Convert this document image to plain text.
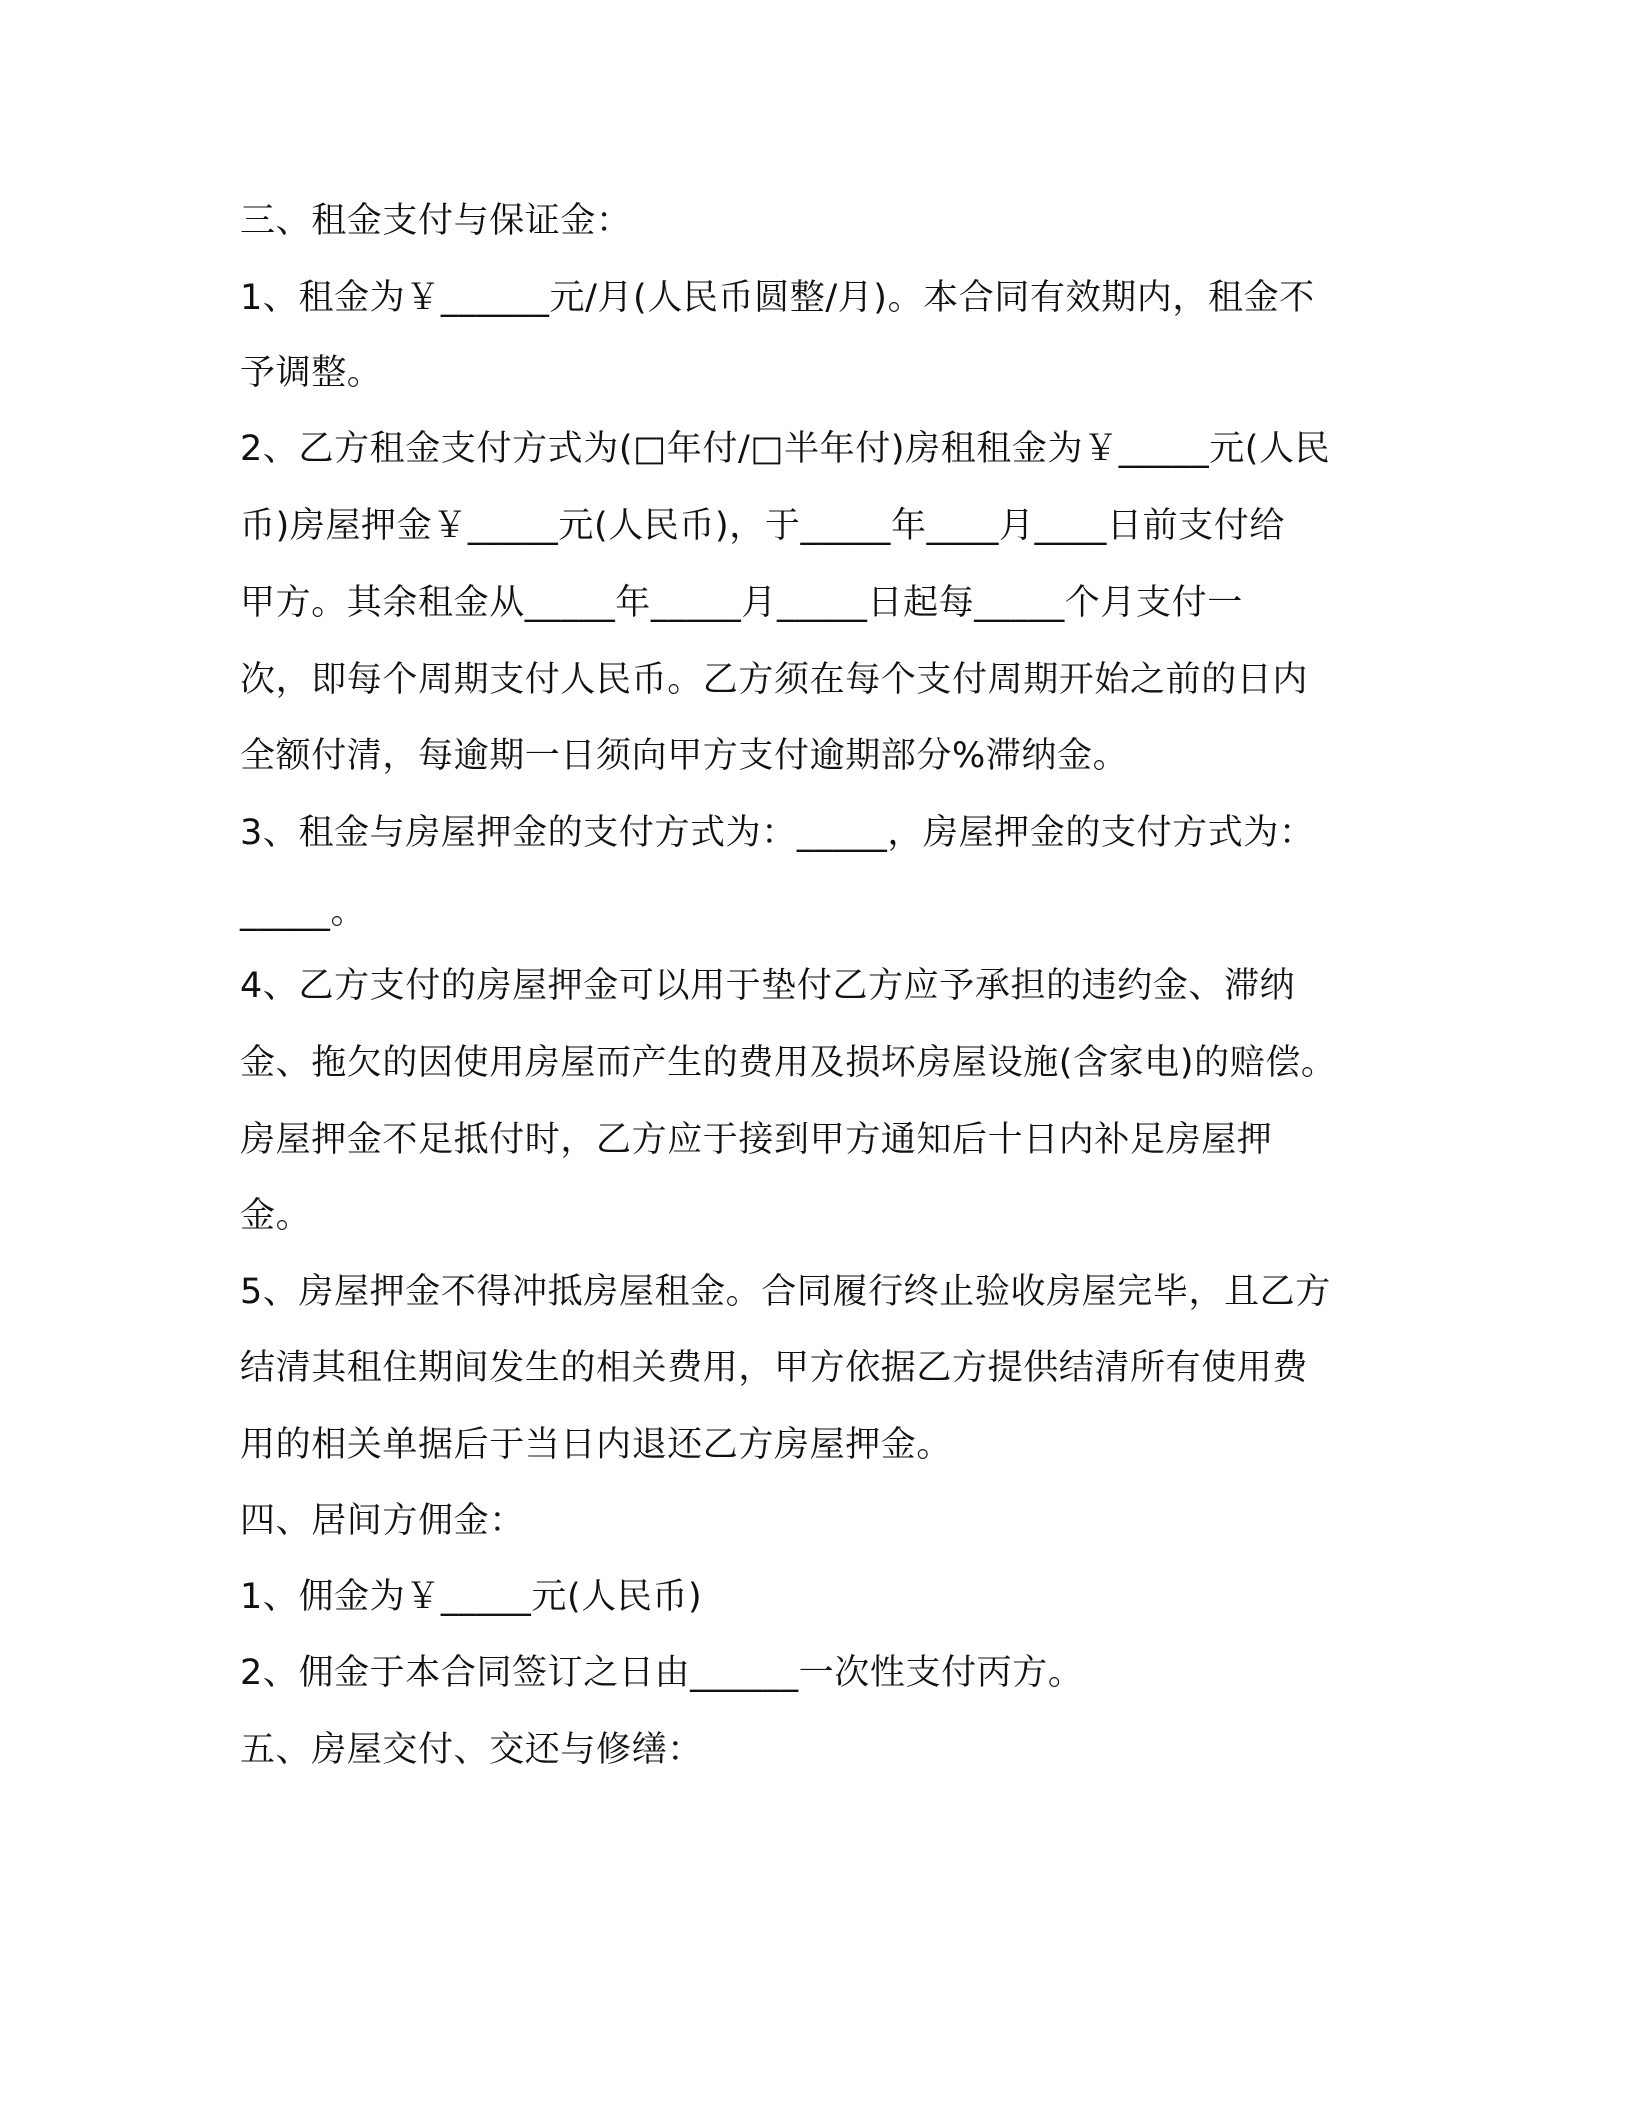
三、租金支付与保证金：
1、租金为￥______元/月(人民币圆整/月)。本合同有效期内，租金不
予调整。
2、乙方租金支付方式为(□年付/□半年付)房租租金为￥_____元(人民
币)房屋押金￥_____元(人民币)，于_____年____月____日前支付给
甲方。其余租金从_____年_____月_____日起每_____个月支付一
次，即每个周期支付人民币。乙方须在每个支付周期开始之前的日内
全额付清，每逾期一日须向甲方支付逾期部分%滞纳金。
3、租金与房屋押金的支付方式为：_____，房屋押金的支付方式为：
_____。
4、乙方支付的房屋押金可以用于垫付乙方应予承担的违约金、滞纳
金、拖欠的因使用房屋而产生的费用及损坏房屋设施(含家电)的赔偿。
房屋押金不足抵付时，乙方应于接到甲方通知后十日内补足房屋押
金。
5、房屋押金不得冲抵房屋租金。合同履行终止验收房屋完毕，且乙方
结清其租住期间发生的相关费用，甲方依据乙方提供结清所有使用费
用的相关单据后于当日内退还乙方房屋押金。
四、居间方佣金：
1、佣金为￥_____元(人民币)
2、佣金于本合同签订之日由______一次性支付丙方。
五、房屋交付、交还与修缮：
